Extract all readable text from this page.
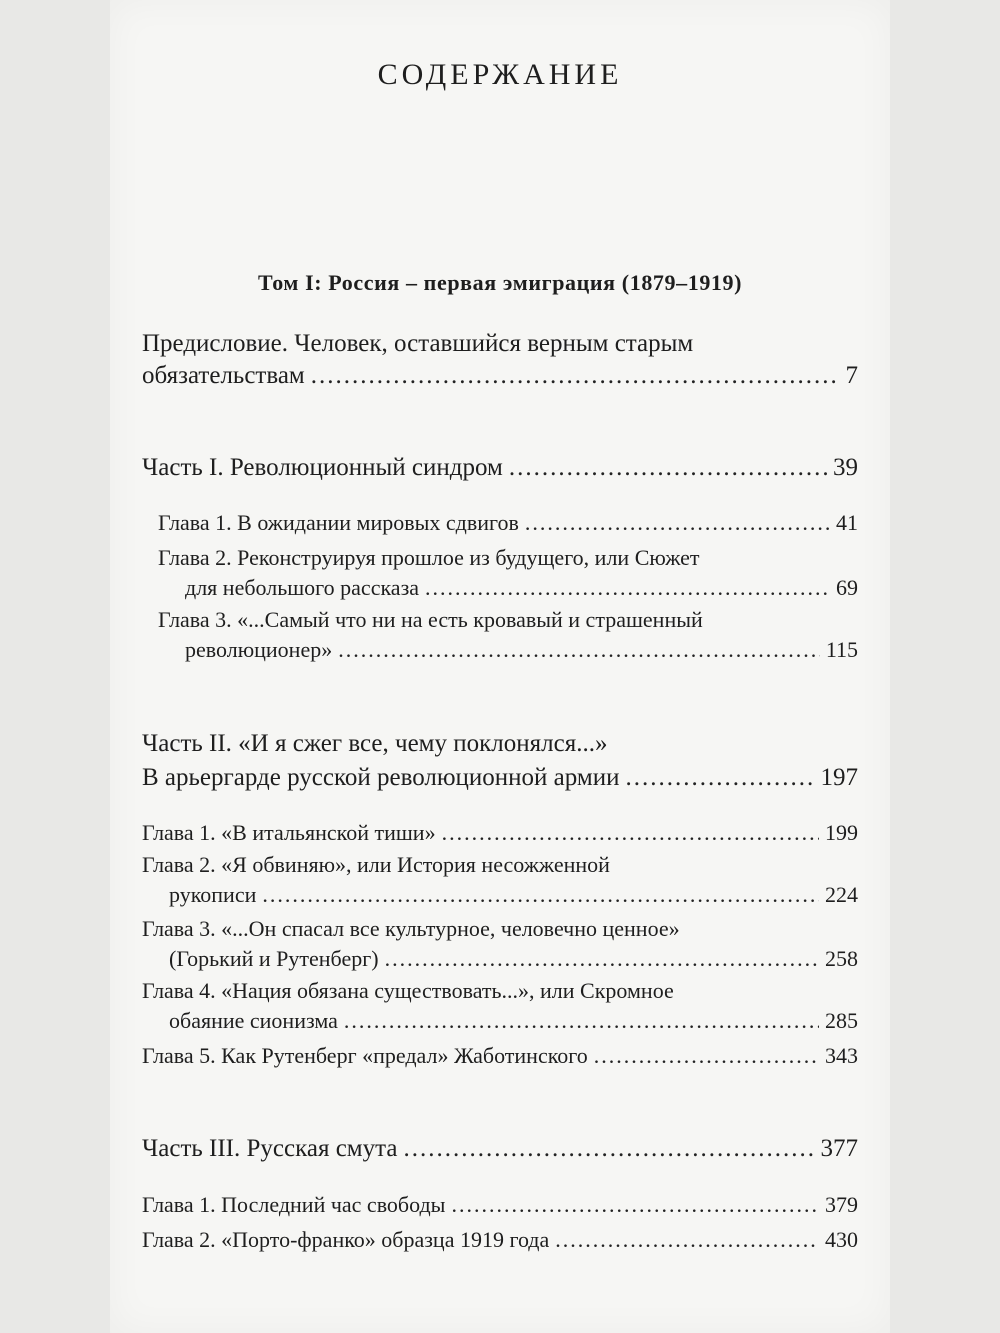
СОДЕРЖАНИЕ
Том I: Россия – первая эмиграция (1879–1919)
Предисловие. Человек, оставшийся верным старым
обязательствам .....	7
Часть I. Революционный синдром .....	39
Глава 1. В ожидании мировых сдвигов .....	41
Глава 2. Реконструируя прошлое из будущего, или Сюжет
для небольшого рассказа .....	69
Глава 3. «...Самый что ни на есть кровавый и страшенный
революционер» .....	115
Часть II. «И я сжег все, чему поклонялся...»
В арьергарде русской революционной армии .....	197
Глава 1. «В итальянской тиши» .....	199
Глава 2. «Я обвиняю», или История несожженной
рукописи .....	224
Глава 3. «...Он спасал все культурное, человечно ценное»
(Горький и Рутенберг) .....	258
Глава 4. «Нация обязана существовать...», или Скромное
обаяние сионизма .....	285
Глава 5. Как Рутенберг «предал» Жаботинского .....	343
Часть III. Русская смута .....	377
Глава 1. Последний час свободы .....	379
Глава 2. «Порто-франко» образца 1919 года .....	430
